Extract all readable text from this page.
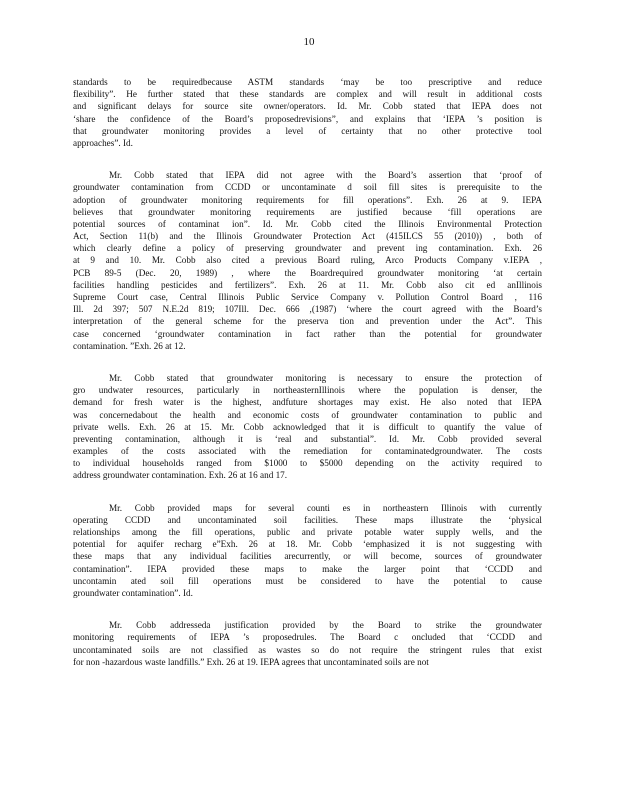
10
standards to be requiredbecause ASTM standards ‘may be too prescriptive and reduce
flexibility”. He further stated that these standards are complex and will result in additional costs
and significant delays for source site owner/operators. Id. Mr. Cobb stated that IEPA does not
‘share the confidence of the Board’s proposedrevisions”, and explains that ‘IEPA ’s position is
that groundwater monitoring provides a level of certainty that no other protective tool
approaches”. Id.
Mr. Cobb stated that IEPA did not agree with the Board’s assertion that ‘proof of
groundwater contamination from CCDD or uncontaminate d soil fill sites is prerequisite to the
adoption of groundwater monitoring requirements for fill operations”. Exh. 26 at 9. IEPA
believes that groundwater monitoring requirements are justified because ‘fill operations are
potential sources of contaminat ion”. Id. Mr. Cobb cited the Illinois Environmental Protection
Act, Section 11(b) and the Illinois Groundwater Protection Act (415ILCS 55 (2010)) , both of
which clearly define a policy of preserving groundwater and prevent ing contamination. Exh. 26
at 9 and 10. Mr. Cobb also cited a previous Board ruling, Arco Products Company v.IEPA ,
PCB 89-5 (Dec. 20, 1989) , where the Boardrequired groundwater monitoring ‘at certain
facilities handling pesticides and fertilizers”. Exh. 26 at 11. Mr. Cobb also cit ed anIllinois
Supreme Court case, Central Illinois Public Service Company v. Pollution Control Board , 116
Ill. 2d 397; 507 N.E.2d 819; 107Ill. Dec. 666 ,(1987) ‘where the court agreed with the Board’s
interpretation of the general scheme for the preserva tion and prevention under the Act”. This
case concerned ‘groundwater contamination in fact rather than the potential for groundwater
contamination. ”Exh. 26 at 12.
Mr. Cobb stated that groundwater monitoring is necessary to ensure the protection of
gro undwater resources, particularly in northeasternIllinois where the population is denser, the
demand for fresh water is the highest, andfuture shortages may exist. He also noted that IEPA
was concernedabout the health and economic costs of groundwater contamination to public and
private wells. Exh. 26 at 15. Mr. Cobb acknowledged that it is difficult to quantify the value of
preventing contamination, although it is ‘real and substantial”. Id. Mr. Cobb provided several
examples of the costs associated with the remediation for contaminatedgroundwater. The costs
to individual households ranged from $1000 to $5000 depending on the activity required to
address groundwater contamination. Exh. 26 at 16 and 17.
Mr. Cobb provided maps for several counti es in northeastern Illinois with currently
operating CCDD and uncontaminated soil facilities. These maps illustrate the ‘physical
relationships among the fill operations, public and private potable water supply wells, and the
potential for aquifer recharg e”Exh. 26 at 18. Mr. Cobb ‘emphasized it is not suggesting with
these maps that any individual facilities arecurrently, or will become, sources of groundwater
contamination”. IEPA provided these maps to make the larger point that ‘CCDD and
uncontamin ated soil fill operations must be considered to have the potential to cause
groundwater contamination”. Id.
Mr. Cobb addresseda justification provided by the Board to strike the groundwater
monitoring requirements of IEPA ’s proposedrules. The Board c oncluded that ‘CCDD and
uncontaminated soils are not classified as wastes so do not require the stringent rules that exist
for non -hazardous waste landfills.” Exh. 26 at 19. IEPA agrees that uncontaminated soils are not
